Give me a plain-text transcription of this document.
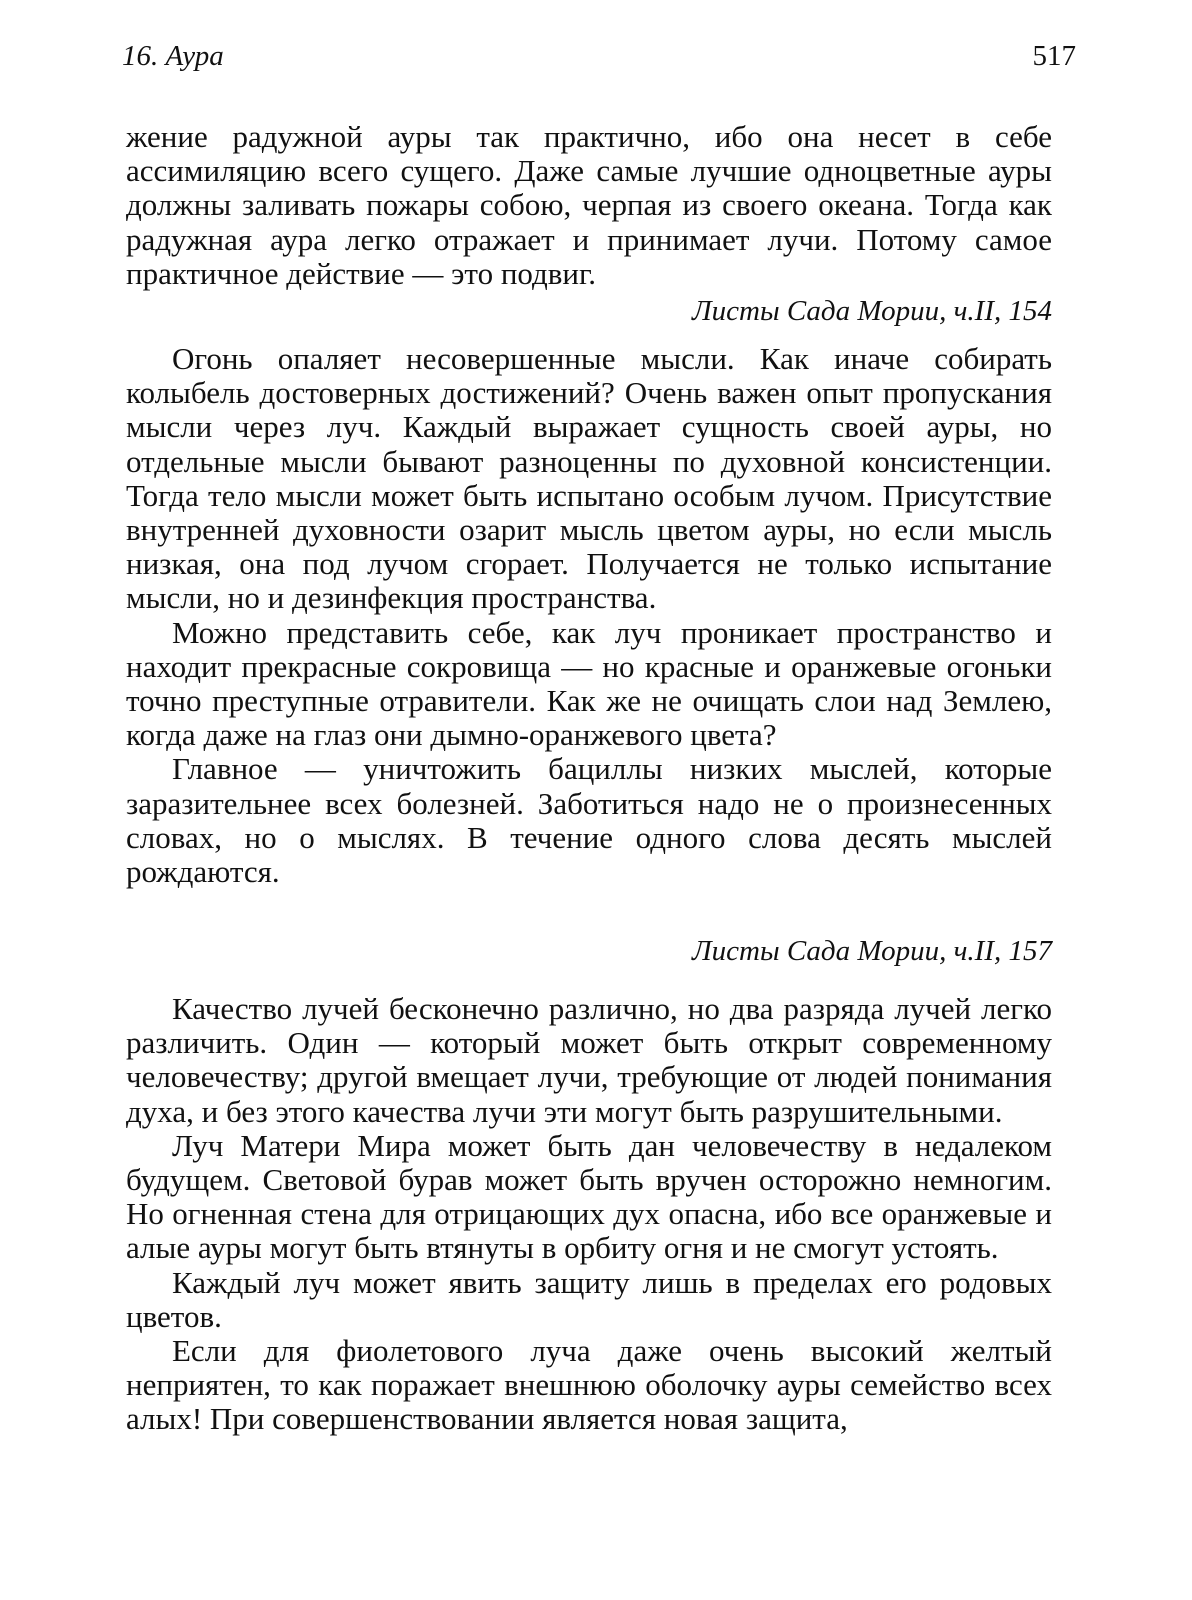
16. Аура	517

жение радужной ауры так практично, ибо она несет в себе ассимиляцию всего сущего. Даже самые лучшие одноцветные ауры должны заливать пожары собою, черпая из своего океана. Тогда как радужная аура легко отражает и принимает лучи. Потому самое практичное действие — это подвиг.

Листы Сада Мории, ч.II, 154

Огонь опаляет несовершенные мысли. Как иначе собирать колыбель достоверных достижений? Очень важен опыт пропускания мысли через луч. Каждый выражает сущность своей ауры, но отдельные мысли бывают разноценны по духовной консистенции. Тогда тело мысли может быть испытано особым лучом. Присутствие внутренней духовности озарит мысль цветом ауры, но если мысль низкая, она под лучом сгорает. Получается не только испытание мысли, но и дезинфекция пространства.

Можно представить себе, как луч проникает пространство и находит прекрасные сокровища — но красные и оранжевые огоньки точно преступные отравители. Как же не очищать слои над Землею, когда даже на глаз они дымно-оранжевого цвета?

Главное — уничтожить бациллы низких мыслей, которые заразительнее всех болезней. Заботиться надо не о произнесенных словах, но о мыслях. В течение одного слова десять мыслей рождаются.

Листы Сада Мории, ч.II, 157

Качество лучей бесконечно различно, но два разряда лучей легко различить. Один — который может быть открыт современному человечеству; другой вмещает лучи, требующие от людей понимания духа, и без этого качества лучи эти могут быть разрушительными.

Луч Матери Мира может быть дан человечеству в недалеком будущем. Световой бурав может быть вручен осторожно немногим. Но огненная стена для отрицающих дух опасна, ибо все оранжевые и алые ауры могут быть втянуты в орбиту огня и не смогут устоять.

Каждый луч может явить защиту лишь в пределах его родовых цветов.

Если для фиолетового луча даже очень высокий желтый неприятен, то как поражает внешнюю оболочку ауры семейство всех алых! При совершенствовании является новая защита,
